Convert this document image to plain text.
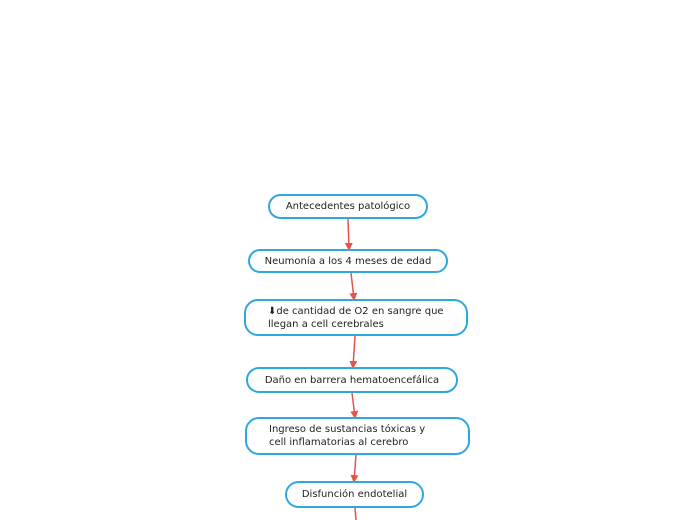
Antecedentes patológico
Neumonía a los 4 meses de edad
⬇de cantidad de O2 en sangre que
llegan a cell cerebrales
Daño en barrera hematoencefálica
Ingreso de sustancias tóxicas y
cell inflamatorias al cerebro
Disfunción endotelial
